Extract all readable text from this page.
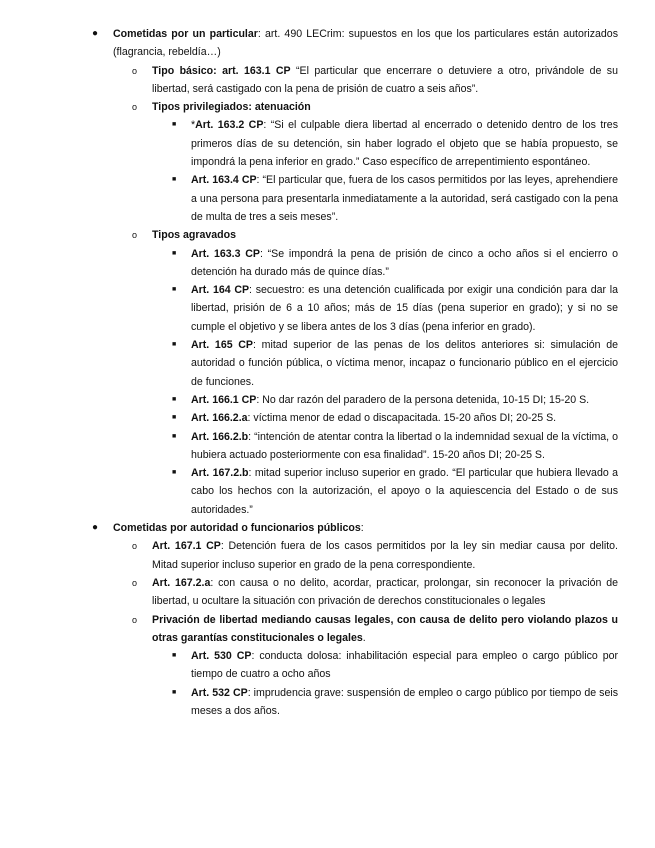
● Cometidas por un particular: art. 490 LECrim: supuestos en los que los particulares están autorizados (flagrancia, rebeldía…)
o Tipo básico: art. 163.1 CP “El particular que encerrare o detuviere a otro, privándole de su libertad, será castigado con la pena de prisión de cuatro a seis años”.
o Tipos privilegiados: atenuación
■ *Art. 163.2 CP: “Si el culpable diera libertad al encerrado o detenido dentro de los tres primeros días de su detención, sin haber logrado el objeto que se había propuesto, se impondrá la pena inferior en grado.” Caso específico de arrepentimiento espontáneo.
■ Art. 163.4 CP: “El particular que, fuera de los casos permitidos por las leyes, aprehendiere a una persona para presentarla inmediatamente a la autoridad, será castigado con la pena de multa de tres a seis meses”.
o Tipos agravados
■ Art. 163.3 CP: “Se impondrá la pena de prisión de cinco a ocho años si el encierro o detención ha durado más de quince días.”
■ Art. 164 CP: secuestro: es una detención cualificada por exigir una condición para dar la libertad, prisión de 6 a 10 años; más de 15 días (pena superior en grado); y si no se cumple el objetivo y se libera antes de los 3 días (pena inferior en grado).
■ Art. 165 CP: mitad superior de las penas de los delitos anteriores si: simulación de autoridad o función pública, o víctima menor, incapaz o funcionario público en el ejercicio de funciones.
■ Art. 166.1 CP: No dar razón del paradero de la persona detenida, 10-15 DI; 15-20 S.
■ Art. 166.2.a: víctima menor de edad o discapacitada. 15-20 años DI; 20-25 S.
■ Art. 166.2.b: “intención de atentar contra la libertad o la indemnidad sexual de la víctima, o hubiera actuado posteriormente con esa finalidad”. 15-20 años DI; 20-25 S.
■ Art. 167.2.b: mitad superior incluso superior en grado. “El particular que hubiera llevado a cabo los hechos con la autorización, el apoyo o la aquiescencia del Estado o de sus autoridades.”
● Cometidas por autoridad o funcionarios públicos:
o Art. 167.1 CP: Detención fuera de los casos permitidos por la ley sin mediar causa por delito. Mitad superior incluso superior en grado de la pena correspondiente.
o Art. 167.2.a: con causa o no delito, acordar, practicar, prolongar, sin reconocer la privación de libertad, u ocultare la situación con privación de derechos constitucionales o legales
o Privación de libertad mediando causas legales, con causa de delito pero violando plazos u otras garantías constitucionales o legales.
■ Art. 530 CP: conducta dolosa: inhabilitación especial para empleo o cargo público por tiempo de cuatro a ocho años
■ Art. 532 CP: imprudencia grave: suspensión de empleo o cargo público por tiempo de seis meses a dos años.
